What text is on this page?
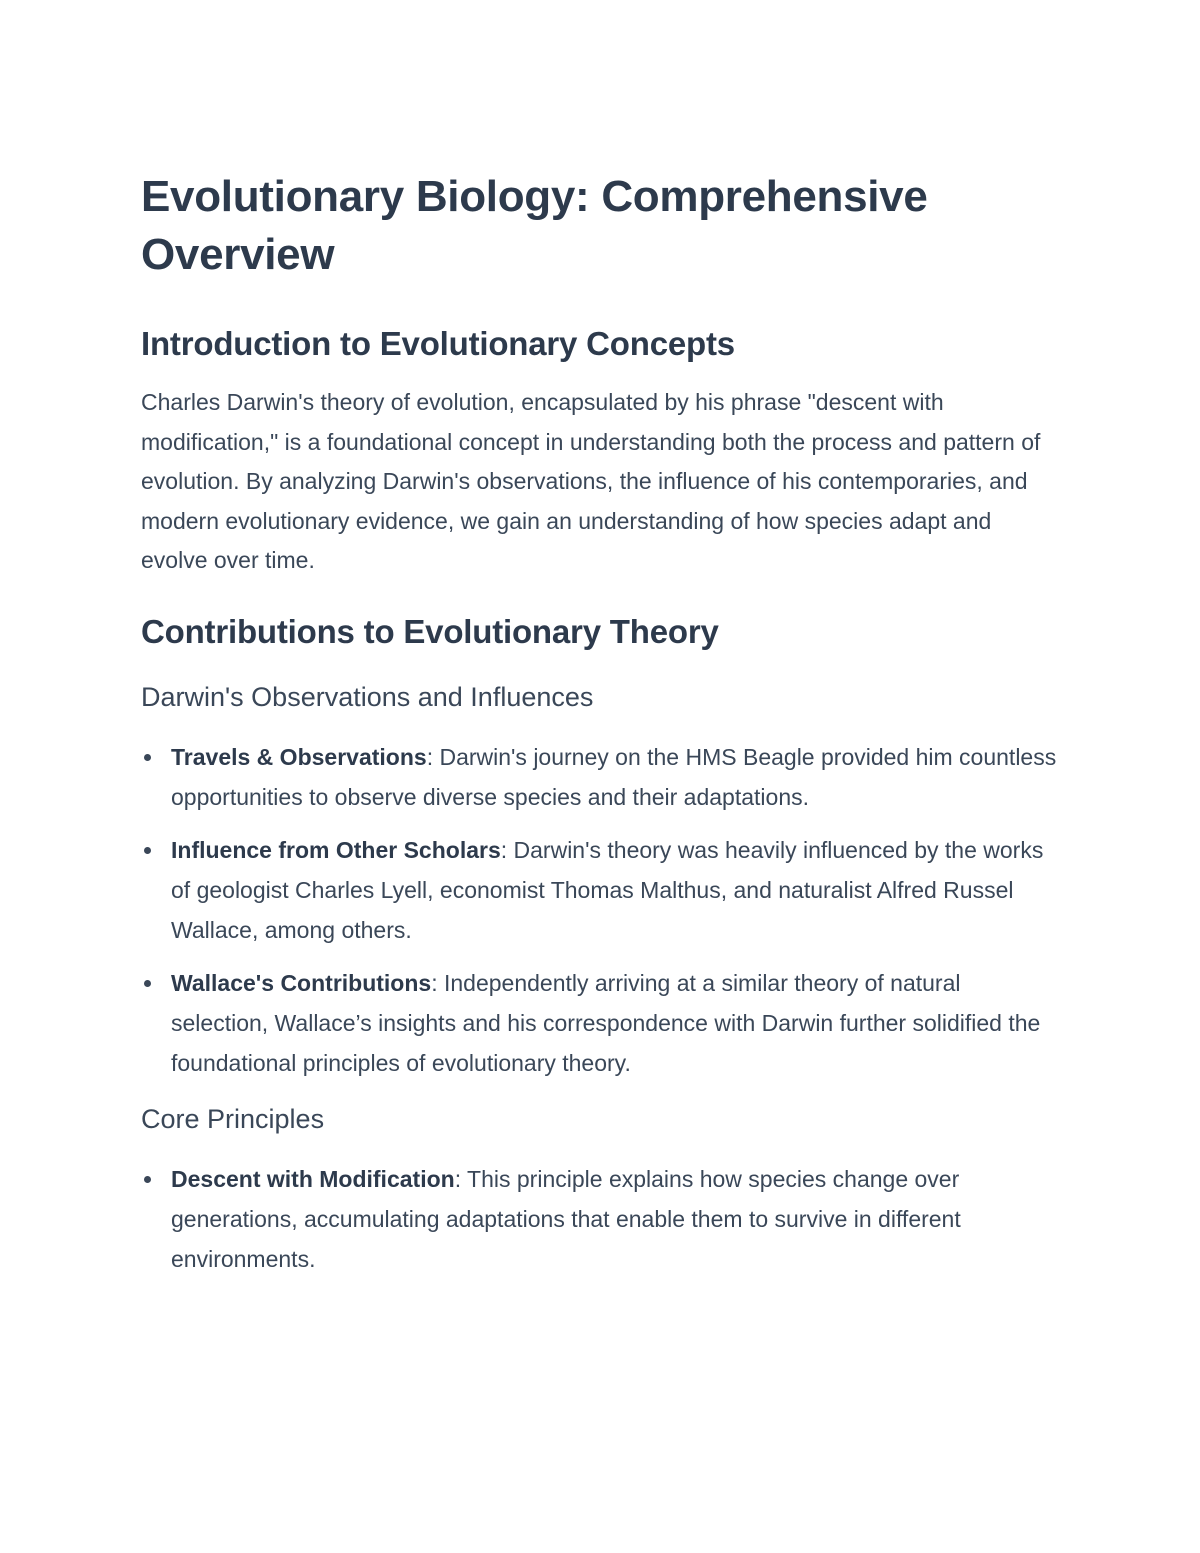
Evolutionary Biology: Comprehensive Overview
Introduction to Evolutionary Concepts

Charles Darwin's theory of evolution, encapsulated by his phrase "descent with modification," is a foundational concept in understanding both the process and pattern of evolution. By analyzing Darwin's observations, the influence of his contemporaries, and modern evolutionary evidence, we gain an understanding of how species adapt and evolve over time.

Contributions to Evolutionary Theory
Darwin's Observations and Influences
Travels & Observations: Darwin's journey on the HMS Beagle provided him countless opportunities to observe diverse species and their adaptations.
Influence from Other Scholars: Darwin's theory was heavily influenced by the works of geologist Charles Lyell, economist Thomas Malthus, and naturalist Alfred Russel Wallace, among others.
Wallace's Contributions: Independently arriving at a similar theory of natural selection, Wallace’s insights and his correspondence with Darwin further solidified the foundational principles of evolutionary theory.
Core Principles
Descent with Modification: This principle explains how species change over generations, accumulating adaptations that enable them to survive in different environments.
